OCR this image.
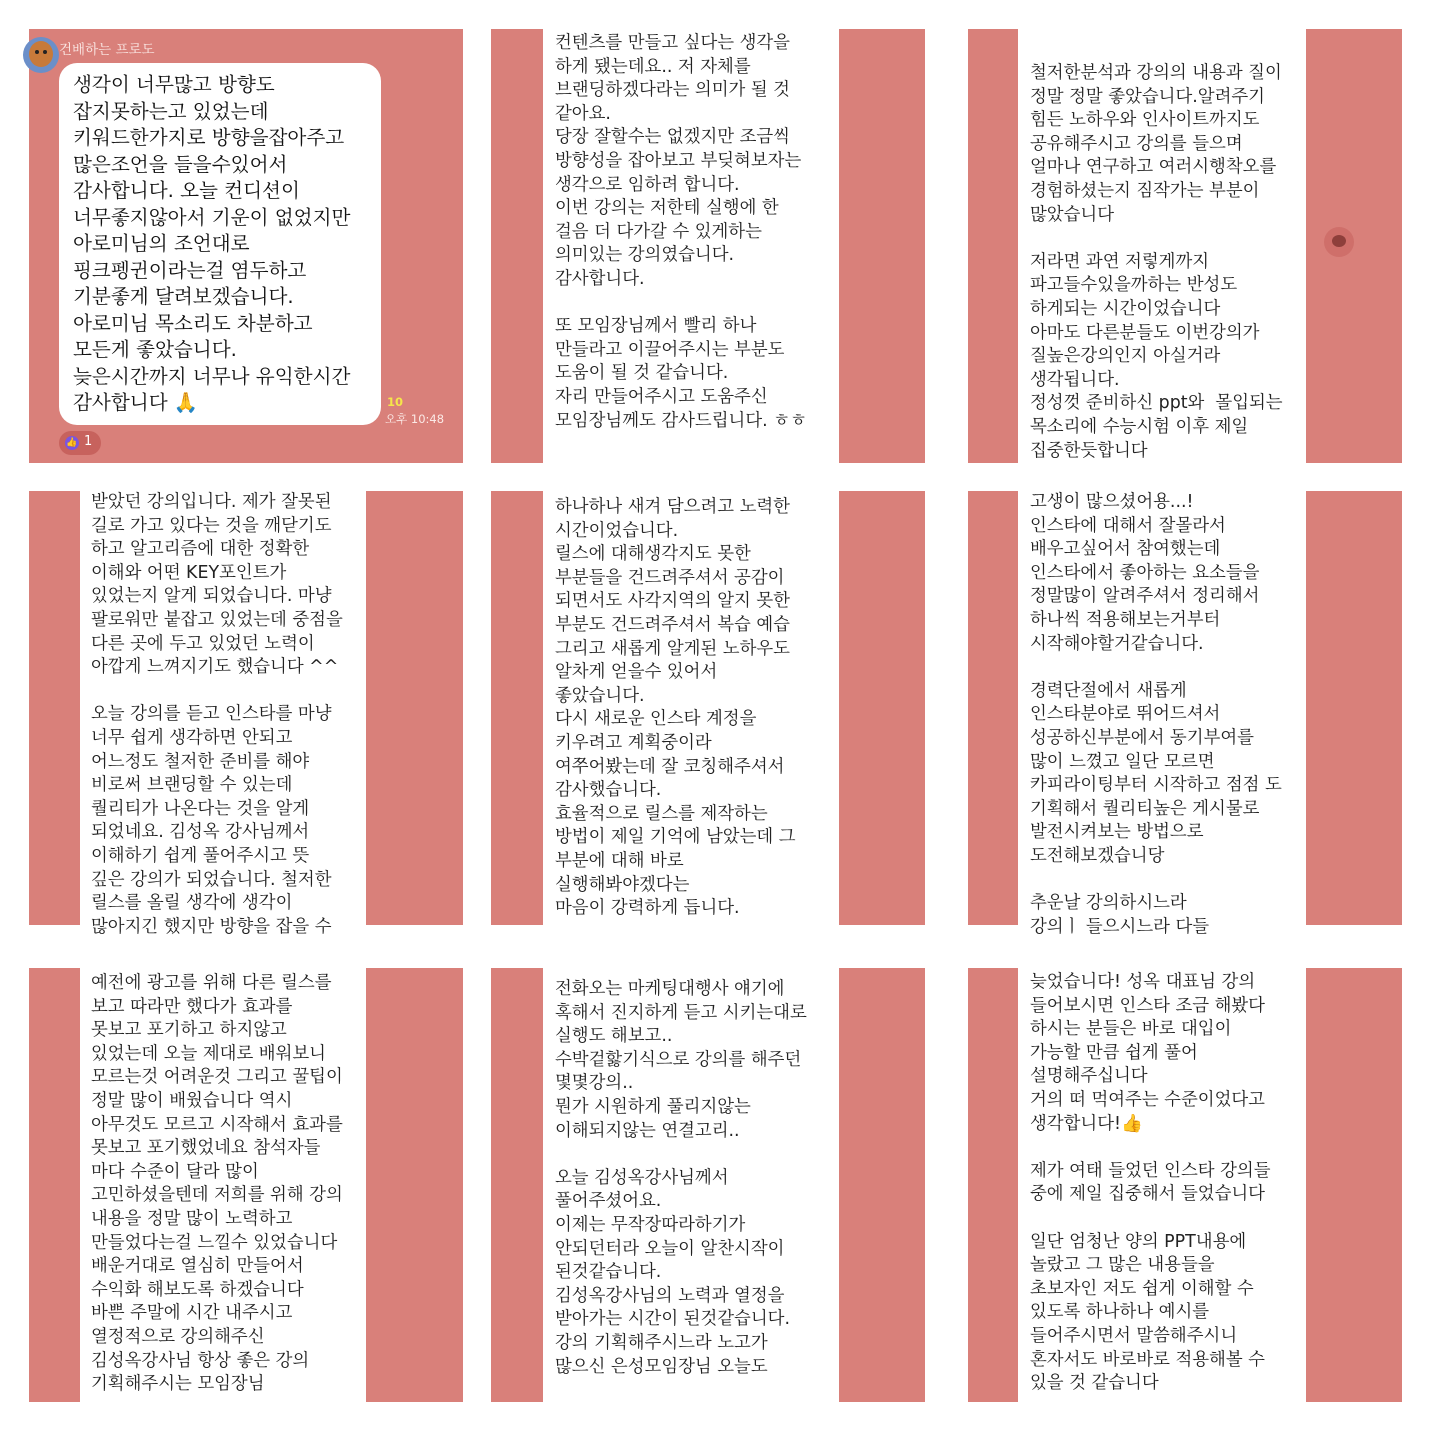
건배하는 프로도

생각이 너무많고 방향도
잡지못하는고 있었는데
키워드한가지로 방향을잡아주고
많은조언을 들을수있어서
감사합니다. 오늘 컨디션이
너무좋지않아서 기운이 없었지만
아로미님의 조언대로
핑크펭귄이라는걸 염두하고
기분좋게 달려보겠습니다.
아로미님 목소리도 차분하고
모든게 좋았습니다.
늦은시간까지 너무나 유익한시간
감사합니다 🙏	10
오후 10:48
👍 1

컨텐츠를 만들고 싶다는 생각을
하게 됐는데요.. 저 자체를
브랜딩하겠다라는 의미가 될 것
같아요.
당장 잘할수는 없겠지만 조금씩
방향성을 잡아보고 부딪혀보자는
생각으로 임하려 합니다.
이번 강의는 저한테 실행에 한
걸음 더 다가갈 수 있게하는
의미있는 강의였습니다.
감사합니다.

또 모임장님께서 빨리 하나
만들라고 이끌어주시는 부분도
도움이 될 것 같습니다.
자리 만들어주시고 도움주신
모임장님께도 감사드립니다. ㅎㅎ

철저한분석과 강의의 내용과 질이
정말 정말 좋았습니다.알려주기
힘든 노하우와 인사이트까지도
공유해주시고 강의를 들으며
얼마나 연구하고 여러시행착오를
경험하셨는지 짐작가는 부분이
많았습니다

저라면 과연 저렇게까지
파고들수있을까하는 반성도
하게되는 시간이었습니다
아마도 다른분들도 이번강의가
질높은강의인지 아실거라
생각됩니다.
정성껏 준비하신 ppt와  몰입되는
목소리에 수능시험 이후 제일
집중한듯합니다

받았던 강의입니다. 제가 잘못된
길로 가고 있다는 것을 깨닫기도
하고 알고리즘에 대한 정확한
이해와 어떤 KEY포인트가
있었는지 알게 되었습니다. 마냥
팔로워만 붙잡고 있었는데 중점을
다른 곳에 두고 있었던 노력이
아깝게 느껴지기도 했습니다 ^^

오늘 강의를 듣고 인스타를 마냥
너무 쉽게 생각하면 안되고
어느정도 철저한 준비를 해야
비로써 브랜딩할 수 있는데
퀄리티가 나온다는 것을 알게
되었네요. 김성옥 강사님께서
이해하기 쉽게 풀어주시고 뜻
깊은 강의가 되었습니다. 철저한
릴스를 올릴 생각에 생각이
많아지긴 했지만 방향을 잡을 수

하나하나 새겨 담으려고 노력한
시간이었습니다.
릴스에 대해생각지도 못한
부분들을 건드려주셔서 공감이
되면서도 사각지역의 알지 못한
부분도 건드려주셔서 복습 예습
그리고 새롭게 알게된 노하우도
알차게 얻을수 있어서
좋았습니다.
다시 새로운 인스타 계정을
키우려고 계획중이라
여쭈어봤는데 잘 코칭해주셔서
감사했습니다.
효율적으로 릴스를 제작하는
방법이 제일 기억에 남았는데 그
부분에 대해 바로
실행해봐야겠다는
마음이 강력하게 듭니다.

고생이 많으셨어용...!
인스타에 대해서 잘몰라서
배우고싶어서 참여했는데
인스타에서 좋아하는 요소들을
정말많이 알려주셔서 정리해서
하나씩 적용해보는거부터
시작해야할거같습니다.

경력단절에서 새롭게
인스타분야로 뛰어드셔서
성공하신부분에서 동기부여를
많이 느꼈고 일단 모르면
카피라이팅부터 시작하고 점점 도
기획해서 퀄리티높은 게시물로
발전시켜보는 방법으로
도전해보겠습니당

추운날 강의하시느라
강의ㅣ 들으시느라 다들

예전에 광고를 위해 다른 릴스를
보고 따라만 했다가 효과를
못보고 포기하고 하지않고
있었는데 오늘 제대로 배워보니
모르는것 어려운것 그리고 꿀팁이
정말 많이 배웠습니다 역시
아무것도 모르고 시작해서 효과를
못보고 포기했었네요 참석자들
마다 수준이 달라 많이
고민하셨을텐데 저희를 위해 강의
내용을 정말 많이 노력하고
만들었다는걸 느낄수 있었습니다
배운거대로 열심히 만들어서
수익화 해보도록 하겠습니다
바쁜 주말에 시간 내주시고
열정적으로 강의해주신
김성옥강사님 항상 좋은 강의
기획해주시는 모임장님

전화오는 마케팅대행사 얘기에
혹해서 진지하게 듣고 시키는대로
실행도 해보고..
수박겉핧기식으로 강의를 해주던
몇몇강의..
뭔가 시원하게 풀리지않는
이해되지않는 연결고리..

오늘 김성옥강사님께서
풀어주셨어요.
이제는 무작장따라하기가
안되던터라 오늘이 알찬시작이
된것같습니다.
김성옥강사님의 노력과 열정을
받아가는 시간이 된것같습니다.
강의 기획해주시느라 노고가
많으신 은성모임장님 오늘도

늦었습니다! 성옥 대표님 강의
들어보시면 인스타 조금 해봤다
하시는 분들은 바로 대입이
가능할 만큼 쉽게 풀어
설명해주십니다
거의 떠 먹여주는 수준이었다고
생각합니다!👍

제가 여태 들었던 인스타 강의들
중에 제일 집중해서 들었습니다

일단 엄청난 양의 PPT내용에
놀랐고 그 많은 내용들을
초보자인 저도 쉽게 이해할 수
있도록 하나하나 예시를
들어주시면서 말씀해주시니
혼자서도 바로바로 적용해볼 수
있을 것 같습니다
